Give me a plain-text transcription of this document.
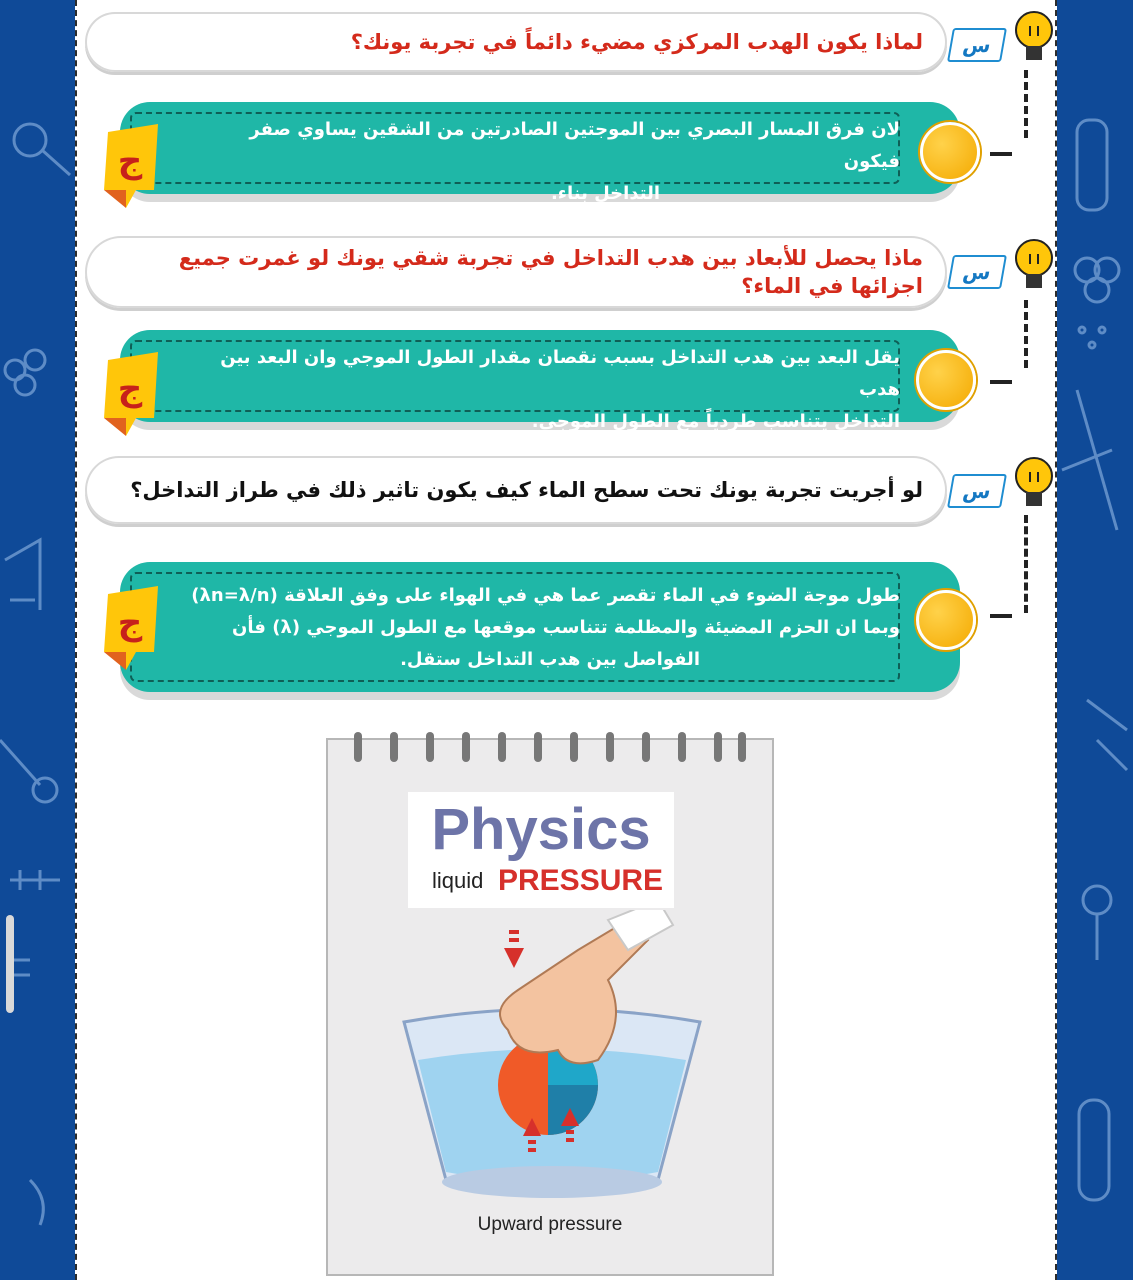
لماذا يكون الهدب المركزي مضيء دائماً في تجربة يونك؟	س
لان فرق المسار البصري بين الموجتين الصادرتين من الشقين يساوي صفر فيكون
التداخل بناء.
ج
ماذا يحصل للأبعاد بين هدب التداخل في تجربة شقي يونك لو غمرت جميع
اجزائها في الماء؟
س
يقل البعد بين هدب التداخل بسبب نقصان مقدار الطول الموجي وان البعد بين هدب
التداخل يتناسب طردياً مع الطول الموجي.
ج
لو أجريت تجربة يونك تحت سطح الماء كيف يكون تاثير ذلك في طراز التداخل؟	س
طول موجة الضوء في الماء تقصر عما هي في الهواء على وفق العلاقة (λn=λ/n)
وبما ان الحزم المضيئة والمظلمة تتناسب موقعها مع الطول الموجي (λ) فأن
الفواصل بين هدب التداخل ستقل.
ج
Physics
liquid PRESSURE
Upward pressure
